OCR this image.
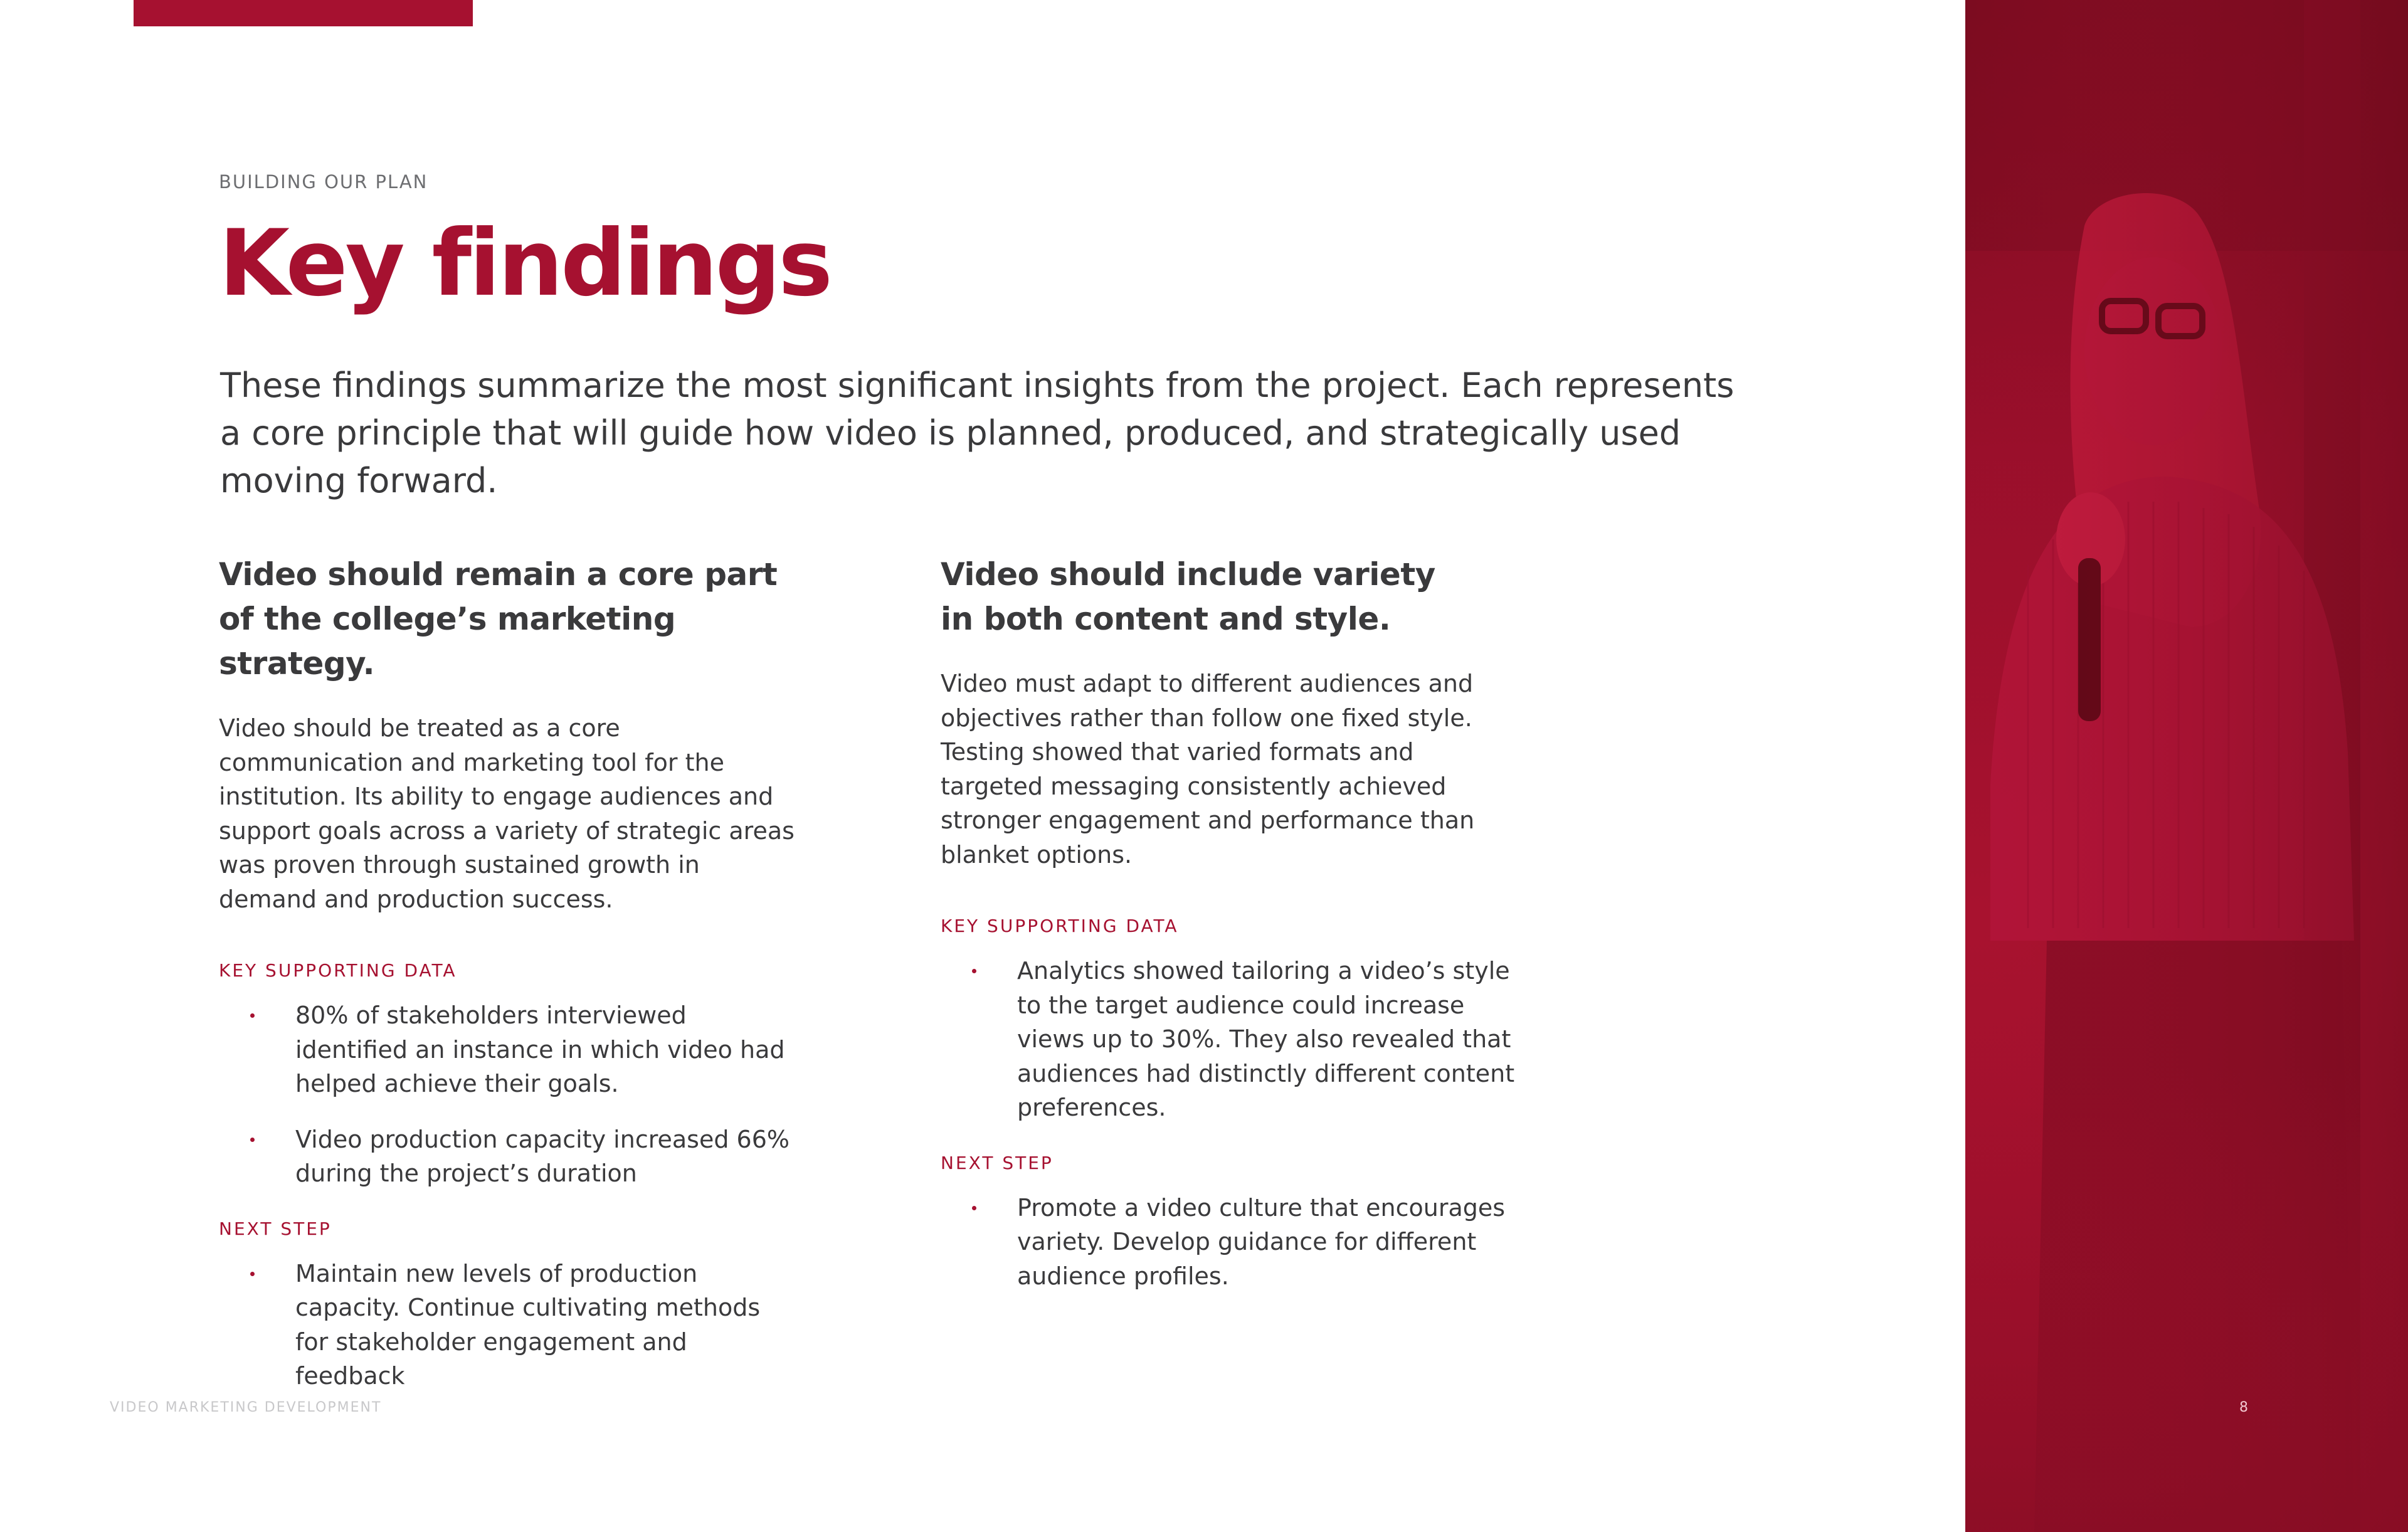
BUILDING OUR PLAN
Key findings
These findings summarize the most significant insights from the project. Each represents a core principle that will guide how video is planned, produced, and strategically used moving forward.
Video should remain a core part
of the college’s marketing strategy.
Video should be treated as a core communication and marketing tool for the institution. Its ability to engage audiences and support goals across a variety of strategic areas was proven through sustained growth in demand and production success.
KEY SUPPORTING DATA
80% of stakeholders interviewed identified an instance in which video had helped achieve their goals.
Video production capacity increased 66% during the project’s duration
NEXT STEP
Maintain new levels of production capacity. Continue cultivating methods for stakeholder engagement and feedback
Video should include variety
in both content and style.
Video must adapt to different audiences and objectives rather than follow one fixed style. Testing showed that varied formats and targeted messaging consistently achieved stronger engagement and performance than blanket options.
KEY SUPPORTING DATA
Analytics showed tailoring a video’s style to the target audience could increase views up to 30%. They also revealed that audiences had distinctly different content preferences.
NEXT STEP
Promote a video culture that encourages variety. Develop guidance for different audience profiles.
VIDEO MARKETING DEVELOPMENT	8
